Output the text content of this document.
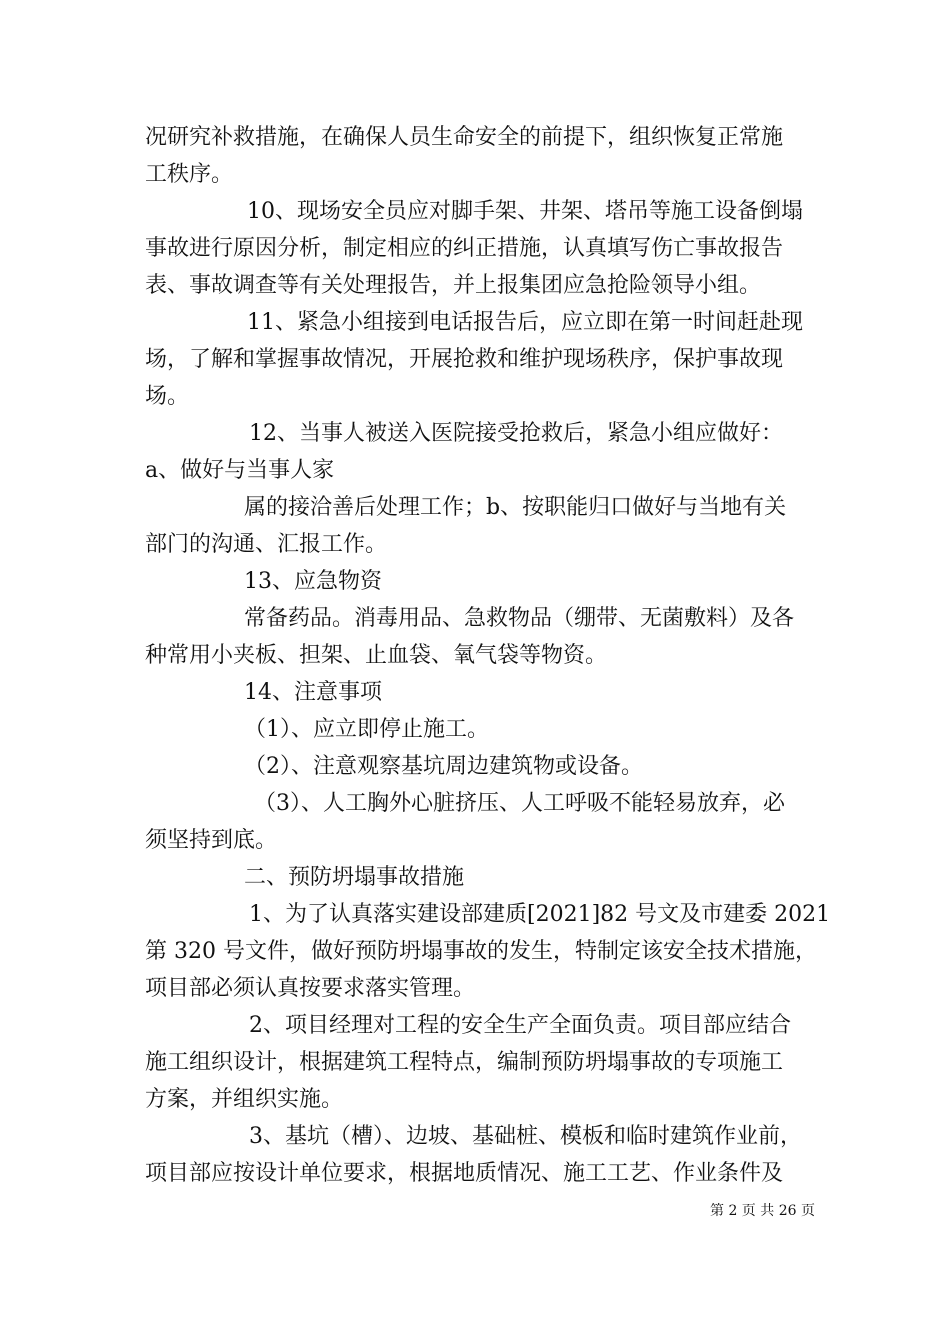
况研究补救措施，在确保人员生命安全的前提下，组织恢复正常施
工秩序。
10、现场安全员应对脚手架、井架、塔吊等施工设备倒塌
事故进行原因分析，制定相应的纠正措施，认真填写伤亡事故报告
表、事故调查等有关处理报告，并上报集团应急抢险领导小组。
11、紧急小组接到电话报告后，应立即在第一时间赶赴现
场，了解和掌握事故情况，开展抢救和维护现场秩序，保护事故现
场。
12、当事人被送入医院接受抢救后，紧急小组应做好：
a、做好与当事人家
属的接洽善后处理工作；b、按职能归口做好与当地有关
部门的沟通、汇报工作。
13、应急物资
常备药品。消毒用品、急救物品（绷带、无菌敷料）及各
种常用小夹板、担架、止血袋、氧气袋等物资。
14、注意事项
（1）、应立即停止施工。
（2）、注意观察基坑周边建筑物或设备。
（3）、人工胸外心脏挤压、人工呼吸不能轻易放弃，必
须坚持到底。
二、预防坍塌事故措施
1、为了认真落实建设部建质[2021]82 号文及市建委 2021
第 320 号文件，做好预防坍塌事故的发生，特制定该安全技术措施，
项目部必须认真按要求落实管理。
2、项目经理对工程的安全生产全面负责。项目部应结合
施工组织设计，根据建筑工程特点，编制预防坍塌事故的专项施工
方案，并组织实施。
3、基坑（槽）、边坡、基础桩、模板和临时建筑作业前，
项目部应按设计单位要求，根据地质情况、施工工艺、作业条件及
第 2 页 共 26 页
